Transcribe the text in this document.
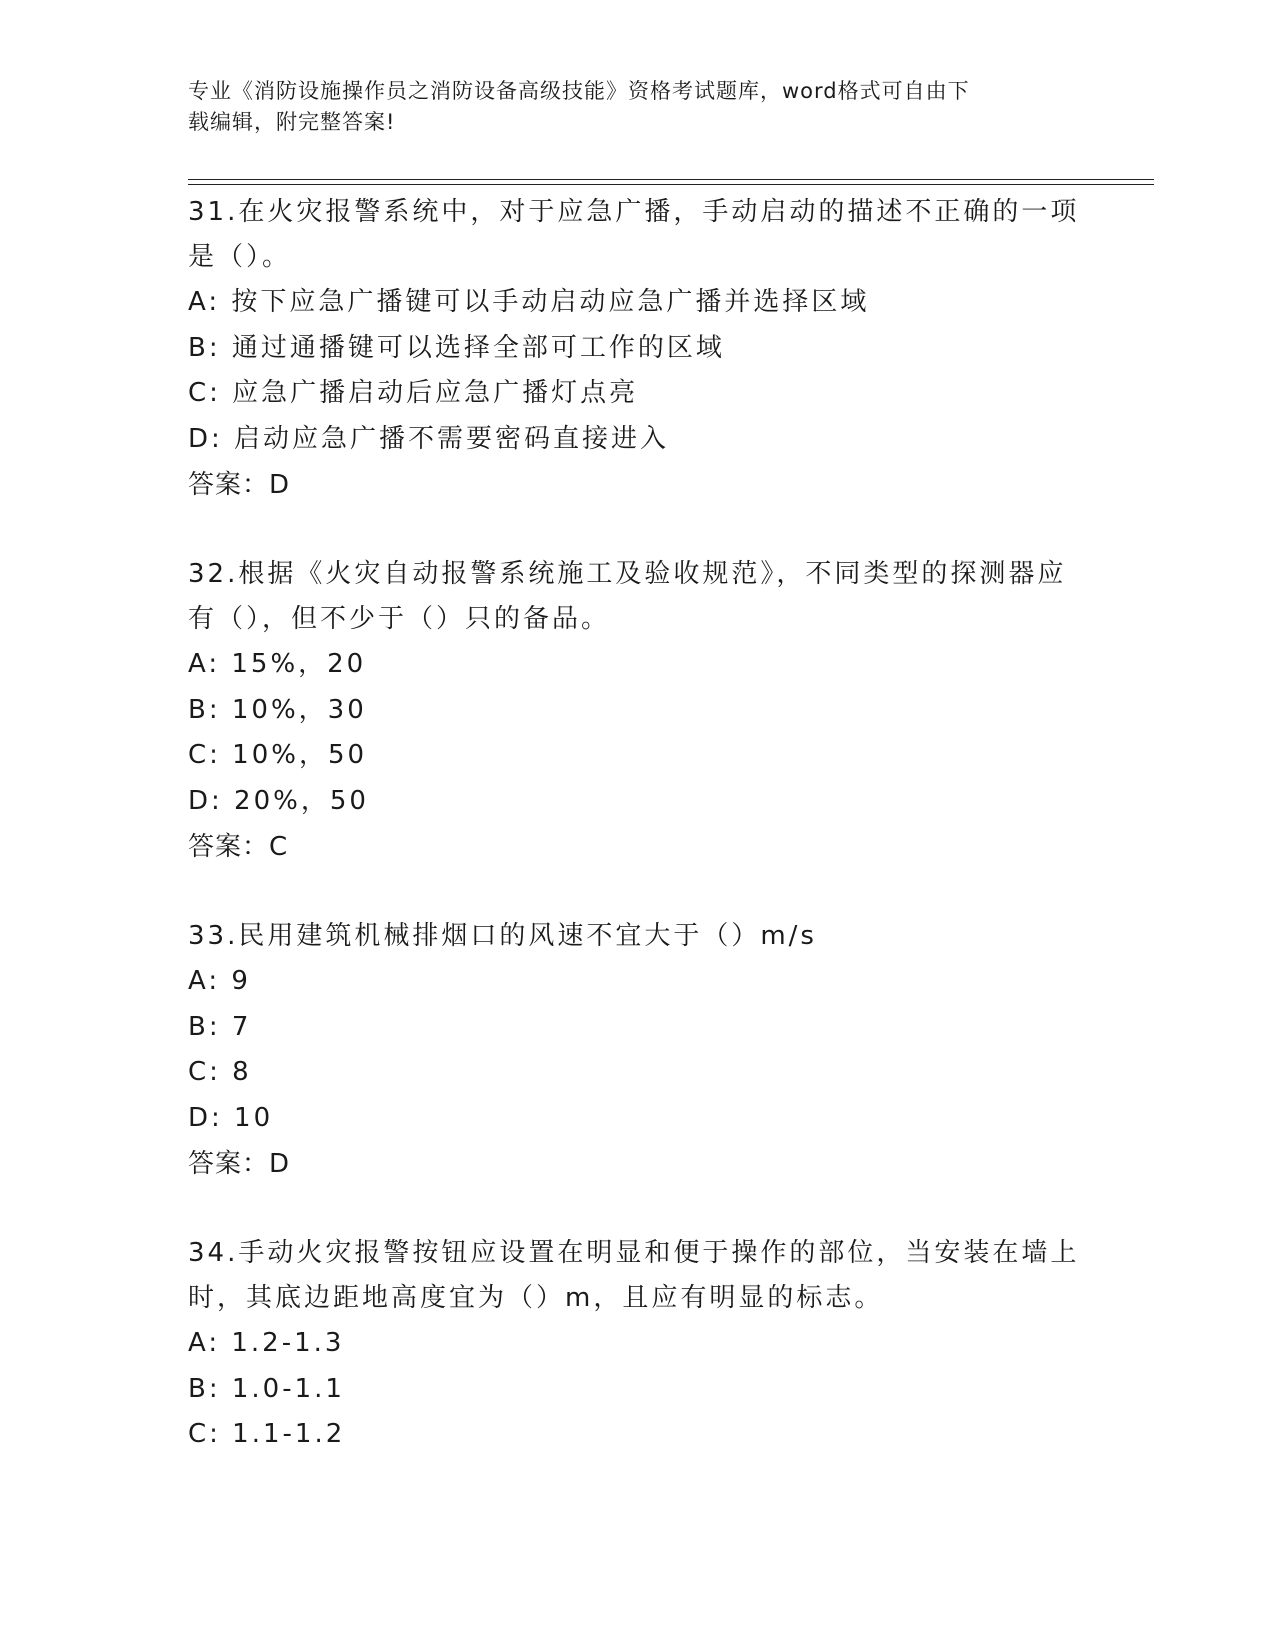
专业《消防设施操作员之消防设备高级技能》资格考试题库，word格式可自由下
载编辑，附完整答案!

31.在火灾报警系统中，对于应急广播，手动启动的描述不正确的一项

是（）。

A: 按下应急广播键可以手动启动应急广播并选择区域

B: 通过通播键可以选择全部可工作的区域

C: 应急广播启动后应急广播灯点亮

D: 启动应急广播不需要密码直接进入

答案：D

32.根据《火灾自动报警系统施工及验收规范》，不同类型的探测器应

有（），但不少于（）只的备品。

A: 15%，20

B: 10%，30

C: 10%，50

D: 20%，50

答案：C

33.民用建筑机械排烟口的风速不宜大于（）m/s

A: 9

B: 7

C: 8

D: 10

答案：D

34.手动火灾报警按钮应设置在明显和便于操作的部位，当安装在墙上

时，其底边距地高度宜为（）m，且应有明显的标志。

A: 1.2-1.3

B: 1.0-1.1

C: 1.1-1.2
